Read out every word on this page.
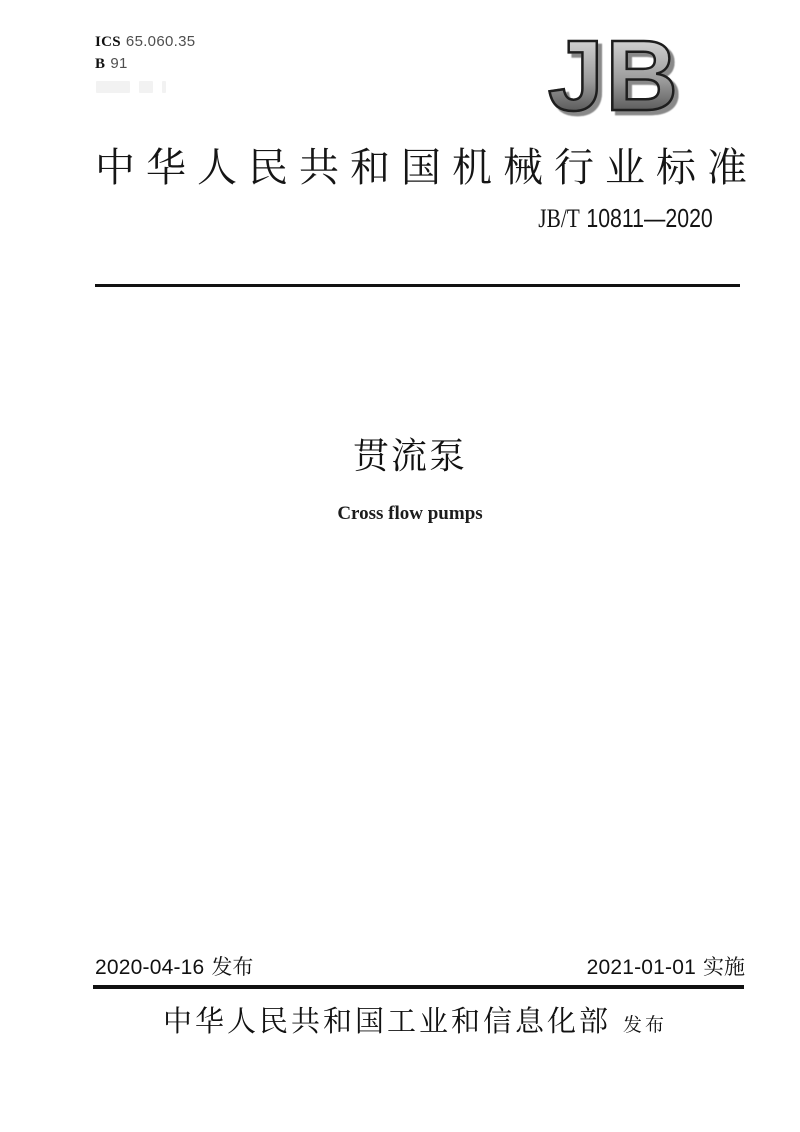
ICS 65.060.35
B 91	JB
中华人民共和国机械行业标准
JB/T 10811—2020
贯流泵
Cross flow pumps
2020-04-16 发布	2021-01-01 实施
中华人民共和国工业和信息化部 发布
